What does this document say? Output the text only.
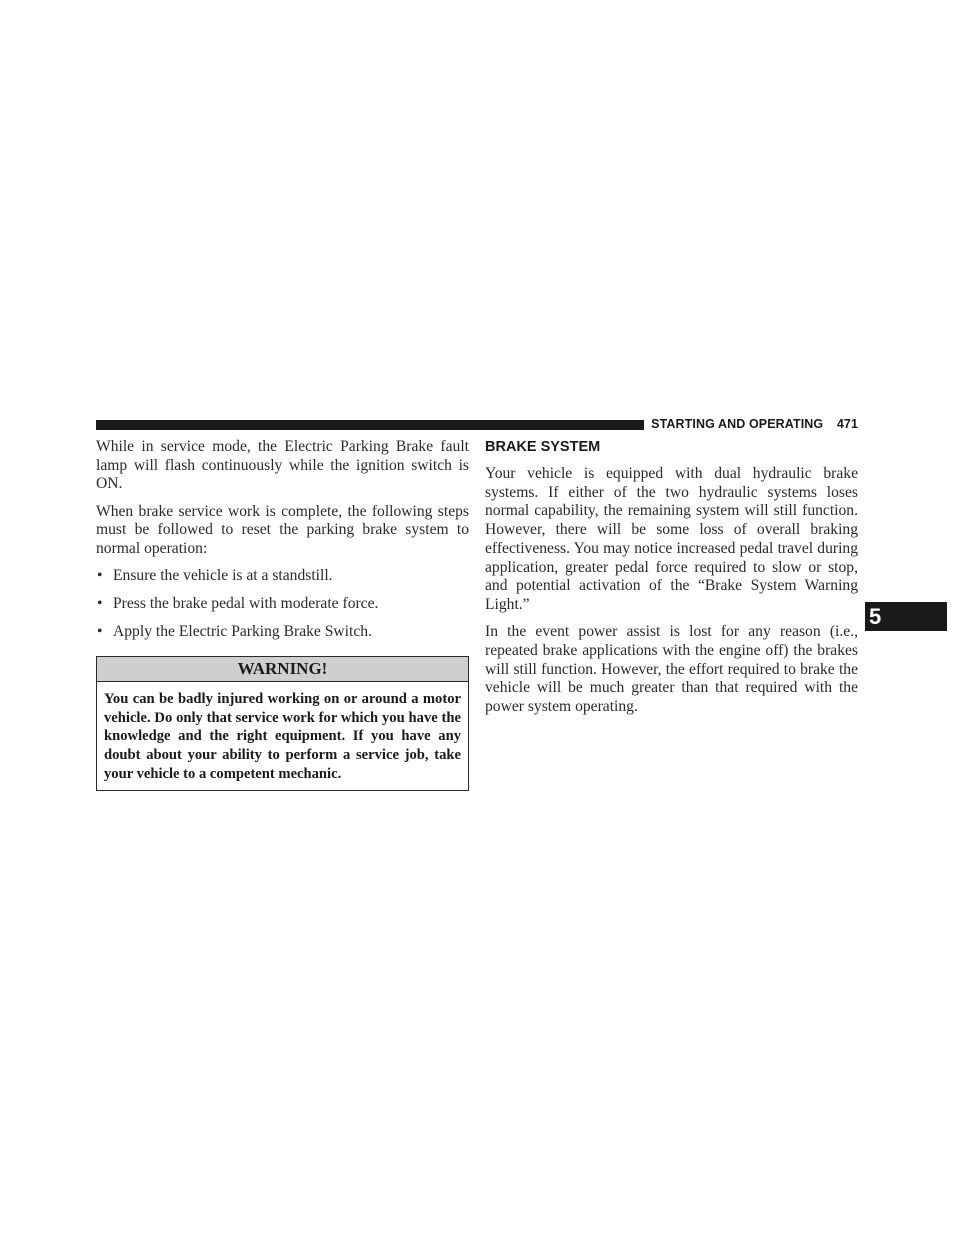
STARTING AND OPERATING 471

While in service mode, the Electric Parking Brake fault lamp will flash continuously while the ignition switch is ON.

When brake service work is complete, the following steps must be followed to reset the parking brake system to normal operation:

• Ensure the vehicle is at a standstill.
• Press the brake pedal with moderate force.
• Apply the Electric Parking Brake Switch.
WARNING!
You can be badly injured working on or around a motor vehicle. Do only that service work for which you have the knowledge and the right equipment. If you have any doubt about your ability to perform a service job, take your vehicle to a competent mechanic.
BRAKE SYSTEM

Your vehicle is equipped with dual hydraulic brake systems. If either of the two hydraulic systems loses normal capability, the remaining system will still function. However, there will be some loss of overall braking effectiveness. You may notice increased pedal travel during application, greater pedal force required to slow or stop, and potential activation of the “Brake System Warning Light.”

In the event power assist is lost for any reason (i.e., repeated brake applications with the engine off) the brakes will still function. However, the effort required to brake the vehicle will be much greater than that required with the power system operating.

5
